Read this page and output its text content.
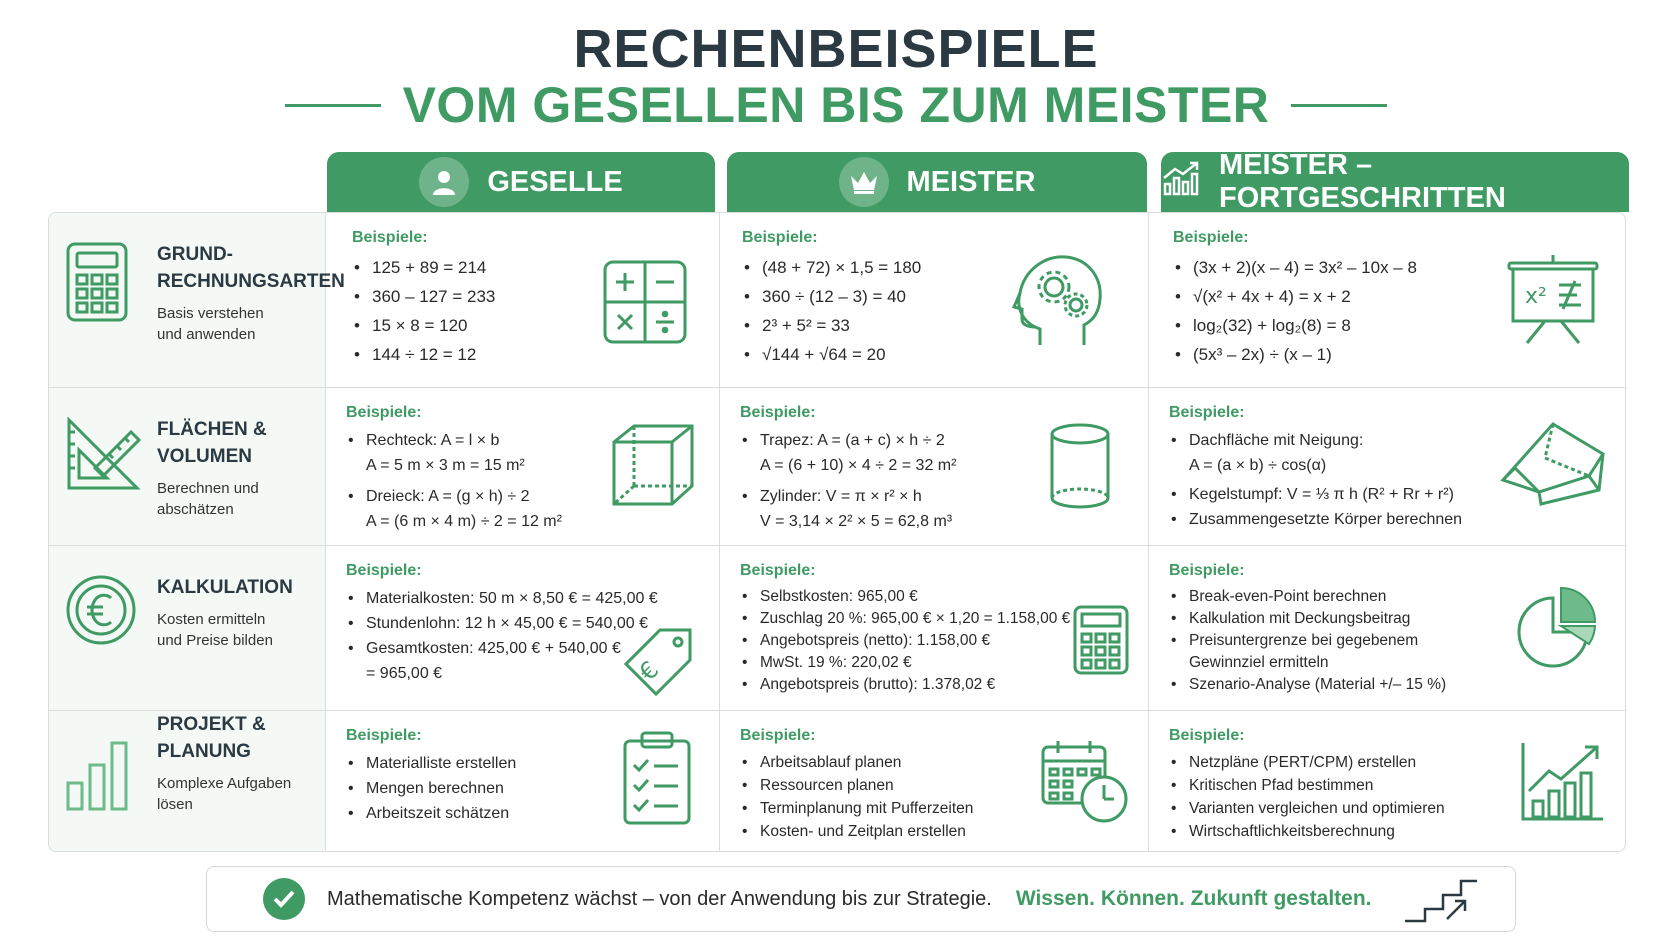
RECHENBEISPIELE
VOM GESELLEN BIS ZUM MEISTER
GESELLE	MEISTER
MEISTER – FORTGESCHRITTEN
GRUND-
RECHNUNGSARTEN
Basis verstehen
und anwenden
Beispiele:
• 125 + 89 = 214
• 360 – 127 = 233
• 15 × 8 = 120
• 144 ÷ 12 = 12
Beispiele:
• (48 + 72) × 1,5 = 180
• 360 ÷ (12 – 3) = 40
• 2³ + 5² = 33
• √144 + √64 = 20
Beispiele:
• (3x + 2)(x – 4) = 3x² – 10x – 8
• √(x² + 4x + 4) = x + 2
• log₂(32) + log₂(8) = 8
• (5x³ – 2x) ÷ (x – 1)
x²
FLÄCHEN &
VOLUMEN
Berechnen und
abschätzen
Beispiele:
• Rechteck: A = l × b
A = 5 m × 3 m = 15 m²
• Dreieck: A = (g × h) ÷ 2
A = (6 m × 4 m) ÷ 2 = 12 m²
Beispiele:
• Trapez: A = (a + c) × h ÷ 2
A = (6 + 10) × 4 ÷ 2 = 32 m²
• Zylinder: V = π × r² × h
V = 3,14 × 2² × 5 = 62,8 m³
Beispiele:
• Dachfläche mit Neigung:
A = (a × b) ÷ cos(α)
• Kegelstumpf: V = ⅓ π h (R² + Rr + r²)
• Zusammengesetzte Körper berechnen
KALKULATION
Kosten ermitteln
und Preise bilden
Beispiele:
• Materialkosten: 50 m × 8,50 € = 425,00 €
• Stundenlohn: 12 h × 45,00 € = 540,00 €
• Gesamtkosten: 425,00 € + 540,00 €
= 965,00 €	€
Beispiele:
• Selbstkosten: 965,00 €
• Zuschlag 20 %: 965,00 € × 1,20 = 1.158,00 €
• Angebotspreis (netto): 1.158,00 €
• MwSt. 19 %: 220,02 €
• Angebotspreis (brutto): 1.378,02 €
Beispiele:
• Break-even-Point berechnen
• Kalkulation mit Deckungsbeitrag
• Preisuntergrenze bei gegebenem
Gewinnziel ermitteln
• Szenario-Analyse (Material +/– 15 %)
PROJEKT &
PLANUNG
Komplexe Aufgaben
lösen
Beispiele:
• Materialliste erstellen
• Mengen berechnen
• Arbeitszeit schätzen
Beispiele:
• Arbeitsablauf planen
• Ressourcen planen
• Terminplanung mit Pufferzeiten
• Kosten- und Zeitplan erstellen
Beispiele:
• Netzpläne (PERT/CPM) erstellen
• Kritischen Pfad bestimmen
• Varianten vergleichen und optimieren
• Wirtschaftlichkeitsberechnung
Mathematische Kompetenz wächst – von der Anwendung bis zur Strategie. Wissen. Können. Zukunft gestalten.
